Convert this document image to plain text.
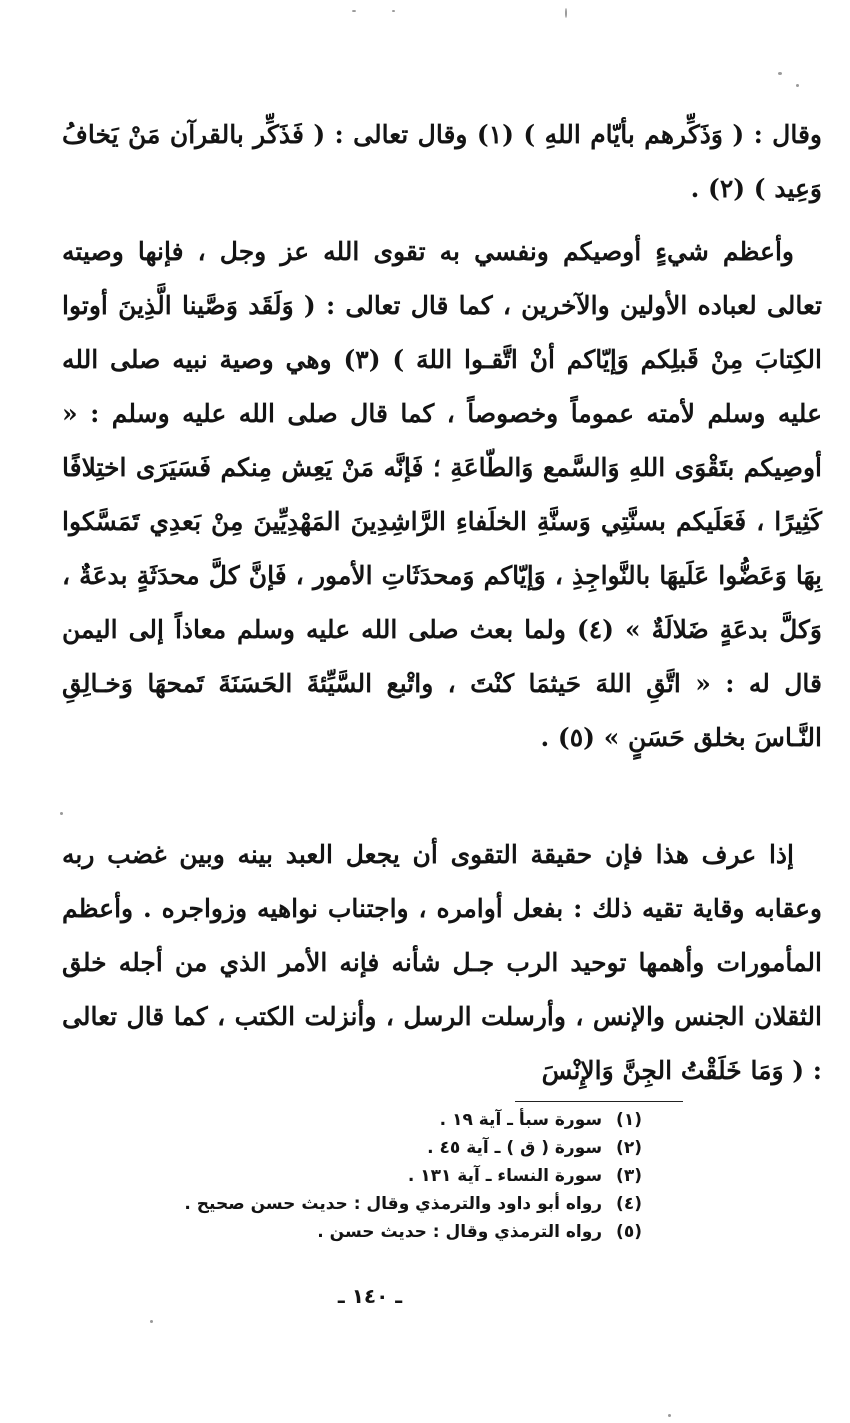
وقال : ( وَذَكِّرهم بأيّام اللهِ ) (١) وقال تعالى : ( فَذَكِّر بالقرآن مَنْ يَخافُ وَعِيد ) (٢) .

وأعظم شيءٍ أوصيكم ونفسي به تقوى الله عز وجل ، فإنها وصيته تعالى لعباده الأولين والآخرين ، كما قال تعالى : ( وَلَقَد وَصَّينا الَّذِينَ أوتوا الكِتابَ مِنْ قَبلِكم وَإيّاكم أنْ اتَّقـوا اللهَ ) (٣) وهي وصية نبيه صلى الله عليه وسلم لأمته عموماً وخصوصاً ، كما قال صلى الله عليه وسلم : « أوصِيكم بتَقْوَى اللهِ وَالسَّمع وَالطّاعَةِ ؛ فَإنَّه مَنْ يَعِش مِنكم فَسَيَرَى اختِلافًا كَثِيرًا ، فَعَلَيكم بسنَّتِي وَسنَّةِ الخلَفاءِ الرَّاشِدِينَ المَهْدِيِّينَ مِنْ بَعدِي تَمَسَّكوا بِهَا وَعَضُّوا عَلَيهَا بالنَّواجِذِ ، وَإيّاكم وَمحدَثَاتِ الأمور ، فَإنَّ كلَّ محدَثَةٍ بدعَةٌ ، وَكلَّ بدعَةٍ ضَلالَةٌ » (٤) ولما بعث صلى الله عليه وسلم معاذاً إلى اليمن قال له : « اتَّقِ اللهَ حَيثمَا كنْتَ ، واتْبع السَّيِّئةَ الحَسَنَةَ تَمحهَا وَخـالِقِ النَّـاسَ بخلق حَسَنٍ » (٥) .

إذا عرف هذا فإن حقيقة التقوى أن يجعل العبد بينه وبين غضب ربه وعقابه وقاية تقيه ذلك : بفعل أوامره ، واجتناب نواهيه وزواجره . وأعظم المأمورات وأهمها توحيد الرب جـل شأنه فإنه الأمر الذي من أجله خلق الثقلان الجنس والإنس ، وأرسلت الرسل ، وأنزلت الكتب ، كما قال تعالى : ( وَمَا خَلَقْتُ الجِنَّ وَالإِنْسَ

(١) سورة سبأ ـ آية ١٩ .
(٢) سورة ( ق ) ـ آية ٤٥ .
(٣) سورة النساء ـ آية ١٣١ .
(٤) رواه أبو داود والترمذي وقال : حديث حسن صحيح .
(٥) رواه الترمذي وقال : حديث حسن .
ـ ١٤٠ ـ
